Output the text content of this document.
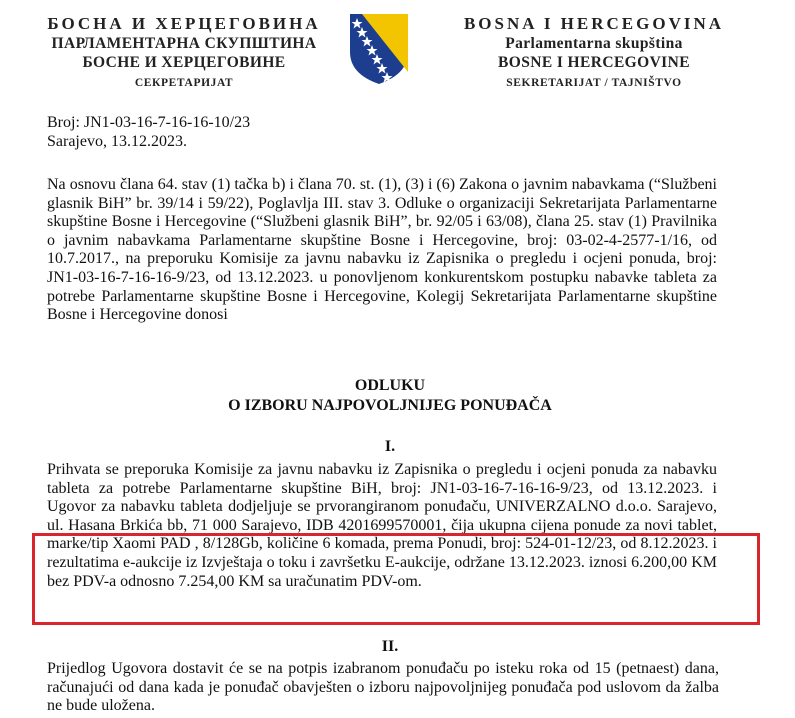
БОСНА И ХЕРЦЕГОВИНА
ПАРЛАМЕНТАРНА СКУПШТИНА
БОСНЕ И ХЕРЦЕГОВИНЕ
СЕКРЕТАРИЈАТ
BOSNA I HERCEGOVINA
Parlamentarna skupština
BOSNE I HERCEGOVINE
SEKRETARIJAT / TAJNIŠTVO
Broj: JN1-03-16-7-16-16-10/23
Sarajevo, 13.12.2023.
Na osnovu člana 64. stav (1) tačka b) i člana 70. st. (1), (3) i (6) Zakona o javnim nabavkama (“Službeni glasnik BiH” br. 39/14 i 59/22), Poglavlja III. stav 3. Odluke o organizaciji Sekretarijata Parlamentarne skupštine Bosne i Hercegovine (“Službeni glasnik BiH”, br. 92/05 i 63/08), člana 25. stav (1) Pravilnika o javnim nabavkama Parlamentarne skupštine Bosne i Hercegovine, broj: 03-02-4-2577-1/16, od 10.7.2017., na preporuku Komisije za javnu nabavku iz Zapisnika o pregledu i ocjeni ponuda, broj: JN1-03-16-7-16-16-9/23, od 13.12.2023. u ponovljenom konkurentskom postupku nabavke tableta za potrebe Parlamentarne skupštine Bosne i Hercegovine, Kolegij Sekretarijata Parlamentarne skupštine Bosne i Hercegovine donosi
ODLUKU
O IZBORU NAJPOVOLJNIJEG PONUĐAČA
I.
Prihvata se preporuka Komisije za javnu nabavku iz Zapisnika o pregledu i ocjeni ponuda za nabavku tableta za potrebe Parlamentarne skupštine BiH, broj: JN1-03-16-7-16-16-9/23, od 13.12.2023. i Ugovor za nabavku tableta dodjeljuje se prvorangiranom ponuđaču, UNIVERZALNO d.o.o. Sarajevo, ul. Hasana Brkića bb, 71 000 Sarajevo, IDB 4201699570001, čija ukupna cijena ponude za novi tablet, marke/tip Xaomi PAD , 8/128Gb, količine 6 komada, prema Ponudi, broj: 524-01-12/23, od 8.12.2023. i rezultatima e-aukcije iz Izvještaja o toku i završetku E-aukcije, održane 13.12.2023. iznosi 6.200,00 KM bez PDV-a odnosno 7.254,00 KM sa uračunatim PDV-om.
II.
Prijedlog Ugovora dostavit će se na potpis izabranom ponuđaču po isteku roka od 15 (petnaest) dana, računajući od dana kada je ponuđač obavješten o izboru najpovoljnijeg ponuđača pod uslovom da žalba ne bude uložena.
